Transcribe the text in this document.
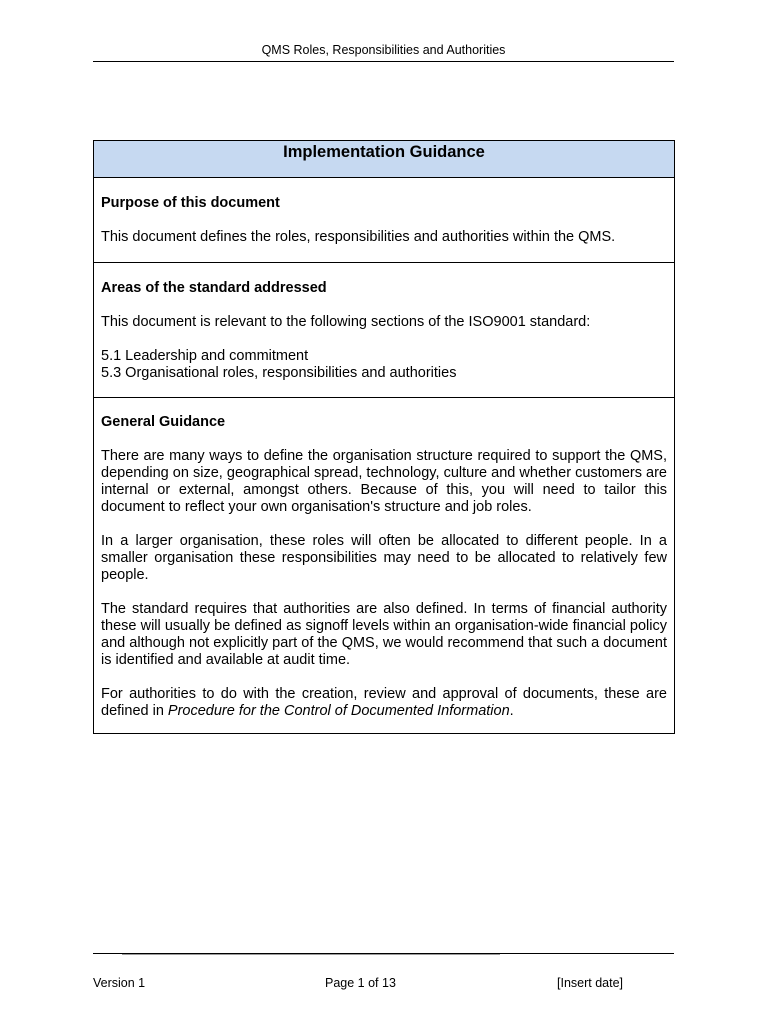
QMS Roles, Responsibilities and Authorities
Implementation Guidance

Purpose of this document

This document defines the roles, responsibilities and authorities within the QMS.

Areas of the standard addressed

This document is relevant to the following sections of the ISO9001 standard:

5.1 Leadership and commitment

5.3 Organisational roles, responsibilities and authorities

General Guidance

There are many ways to define the organisation structure required to support the QMS, depending on size, geographical spread, technology, culture and whether customers are internal or external, amongst others. Because of this, you will need to tailor this document to reflect your own organisation's structure and job roles.

In a larger organisation, these roles will often be allocated to different people. In a smaller organisation these responsibilities may need to be allocated to relatively few people.

The standard requires that authorities are also defined. In terms of financial authority these will usually be defined as signoff levels within an organisation-wide financial policy and although not explicitly part of the QMS, we would recommend that such a document is identified and available at audit time.

For authorities to do with the creation, review and approval of documents, these are defined in Procedure for the Control of Documented Information.

Version 1	Page 1 of 13	[Insert date]
